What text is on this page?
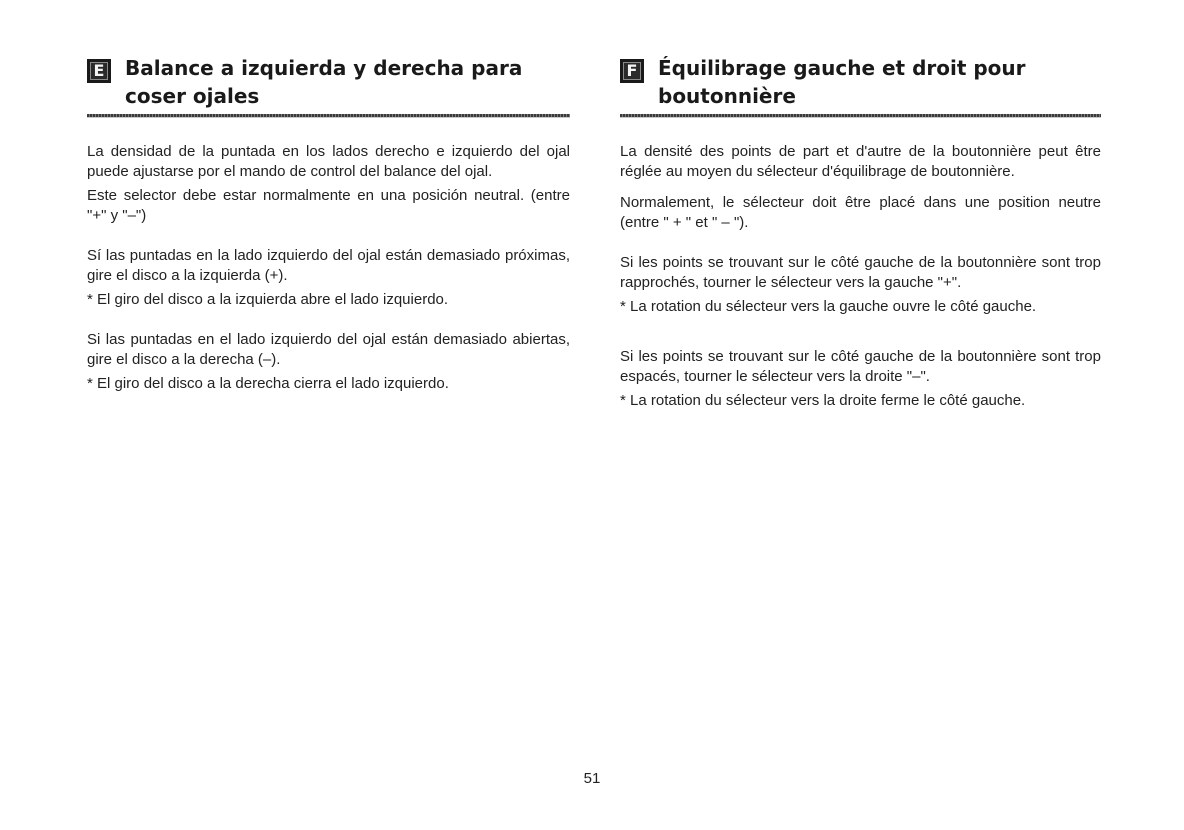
E Balance a izquierda y derecha para
coser ojales

La densidad de la puntada en los lados derecho e izquierdo del ojal puede ajustarse por el mando de control del balance del ojal.

Este selector debe estar normalmente en una posición neutral. (entre "+" y "–")

Sí las puntadas en la lado izquierdo del ojal están demasiado próximas, gire el disco a la izquierda (+).

* El giro del disco a la izquierda abre el lado izquierdo.

Si las puntadas en el lado izquierdo del ojal están demasiado abiertas, gire el disco a la derecha (–).

* El giro del disco a la derecha cierra el lado izquierdo.

F Équilibrage gauche et droit pour
boutonnière

La densité des points de part et d'autre de la boutonnière peut être réglée au moyen du sélecteur d'équilibrage de boutonnière.

Normalement, le sélecteur doit être placé dans une position neutre (entre " + " et " – ").

Si les points se trouvant sur le côté gauche de la boutonnière sont trop rapprochés, tourner le sélecteur vers la gauche "+".

* La rotation du sélecteur vers la gauche ouvre le côté gauche.

Si les points se trouvant sur le côté gauche de la boutonnière sont trop espacés, tourner le sélecteur vers la droite "–".

* La rotation du sélecteur vers la droite ferme le côté gauche.

51
